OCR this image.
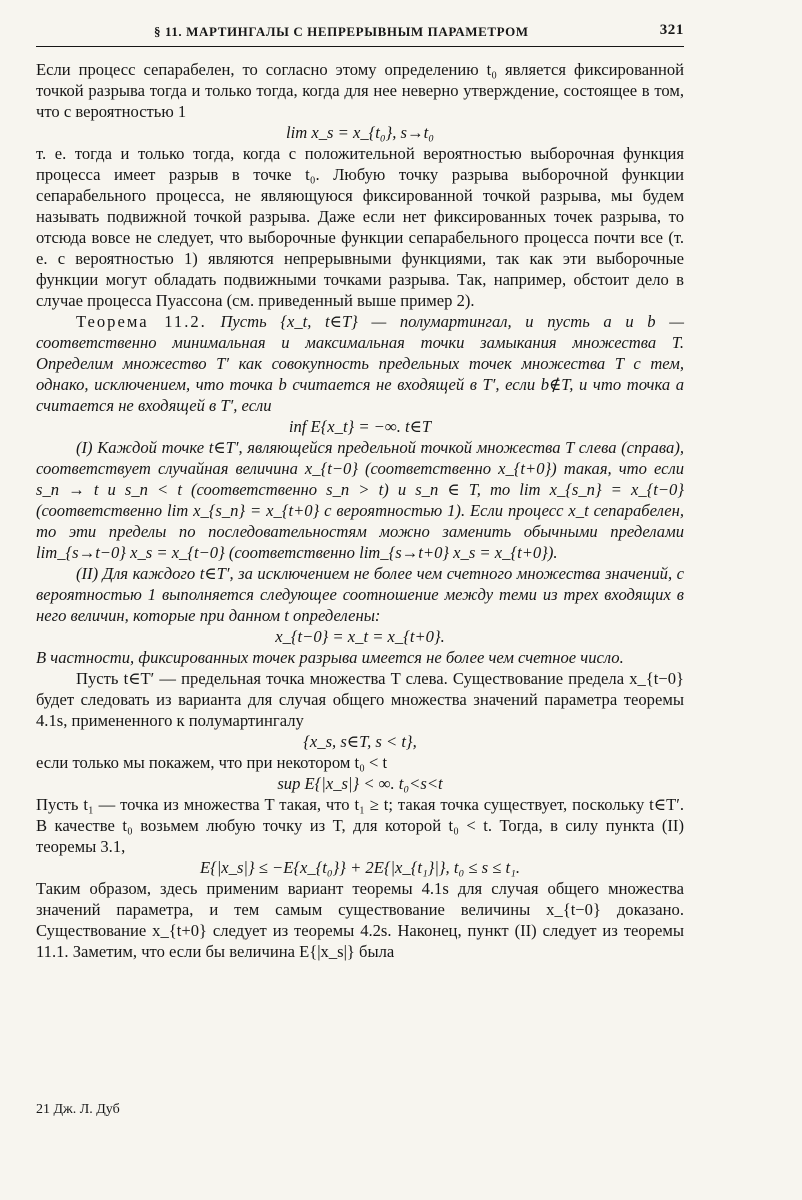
§ 11. МАРТИНГАЛЫ С НЕПРЕРЫВНЫМ ПАРАМЕТРОМ	321

Если процесс сепарабелен, то согласно этому определению t₀ является фиксированной точкой разрыва тогда и только тогда, когда для нее неверно утверждение, состоящее в том, что с вероятностью 1

lim x_s = x_{t₀}, s→t₀

т. е. тогда и только тогда, когда с положительной вероятностью выборочная функция процесса имеет разрыв в точке t₀. Любую точку разрыва выборочной функции сепарабельного процесса, не являющуюся фиксированной точкой разрыва, мы будем называть подвижной точкой разрыва. Даже если нет фиксированных точек разрыва, то отсюда вовсе не следует, что выборочные функции сепарабельного процесса почти все (т. е. с вероятностью 1) являются непрерывными функциями, так как эти выборочные функции могут обладать подвижными точками разрыва. Так, например, обстоит дело в случае процесса Пуассона (см. приведенный выше пример 2).

Теорема 11.2. Пусть {x_t, t∈T} — полумартингал, и пусть a и b — соответственно минимальная и максимальная точки замыкания множества T. Определим множество T′ как совокупность предельных точек множества T с тем, однако, исключением, что точка b считается не входящей в T′, если b∉T, и что точка a считается не входящей в T′, если

inf E{x_t} = −∞. t∈T

(I) Каждой точке t∈T′, являющейся предельной точкой множества T слева (справа), соответствует случайная величина x_{t−0} (соответственно x_{t+0}) такая, что если s_n → t и s_n < t (соответственно s_n > t) и s_n ∈ T, то lim x_{s_n} = x_{t−0} (соответственно lim x_{s_n} = x_{t+0} с вероятностью 1). Если процесс x_t сепарабелен, то эти пределы по последовательностям можно заменить обычными пределами lim_{s→t−0} x_s = x_{t−0} (соответственно lim_{s→t+0} x_s = x_{t+0}).

(II) Для каждого t∈T′, за исключением не более чем счетного множества значений, с вероятностью 1 выполняется следующее соотношение между теми из трех входящих в него величин, которые при данном t определены:

x_{t−0} = x_t = x_{t+0}.

В частности, фиксированных точек разрыва имеется не более чем счетное число.

Пусть t∈T′ — предельная точка множества T слева. Существование предела x_{t−0} будет следовать из варианта для случая общего множества значений параметра теоремы 4.1s, примененного к полумартингалу

{x_s, s∈T, s < t},

если только мы покажем, что при некотором t₀ < t

sup E{|x_s|} < ∞. t₀<s<t

Пусть t₁ — точка из множества T такая, что t₁ ≥ t; такая точка существует, поскольку t∈T′. В качестве t₀ возьмем любую точку из T, для которой t₀ < t. Тогда, в силу пункта (II) теоремы 3.1,

E{|x_s|} ≤ −E{x_{t₀}} + 2E{|x_{t₁}|}, t₀ ≤ s ≤ t₁.

Таким образом, здесь применим вариант теоремы 4.1s для случая общего множества значений параметра, и тем самым существование величины x_{t−0} доказано. Существование x_{t+0} следует из теоремы 4.2s. Наконец, пункт (II) следует из теоремы 11.1. Заметим, что если бы величина E{|x_s|} была

21 Дж. Л. Дуб
